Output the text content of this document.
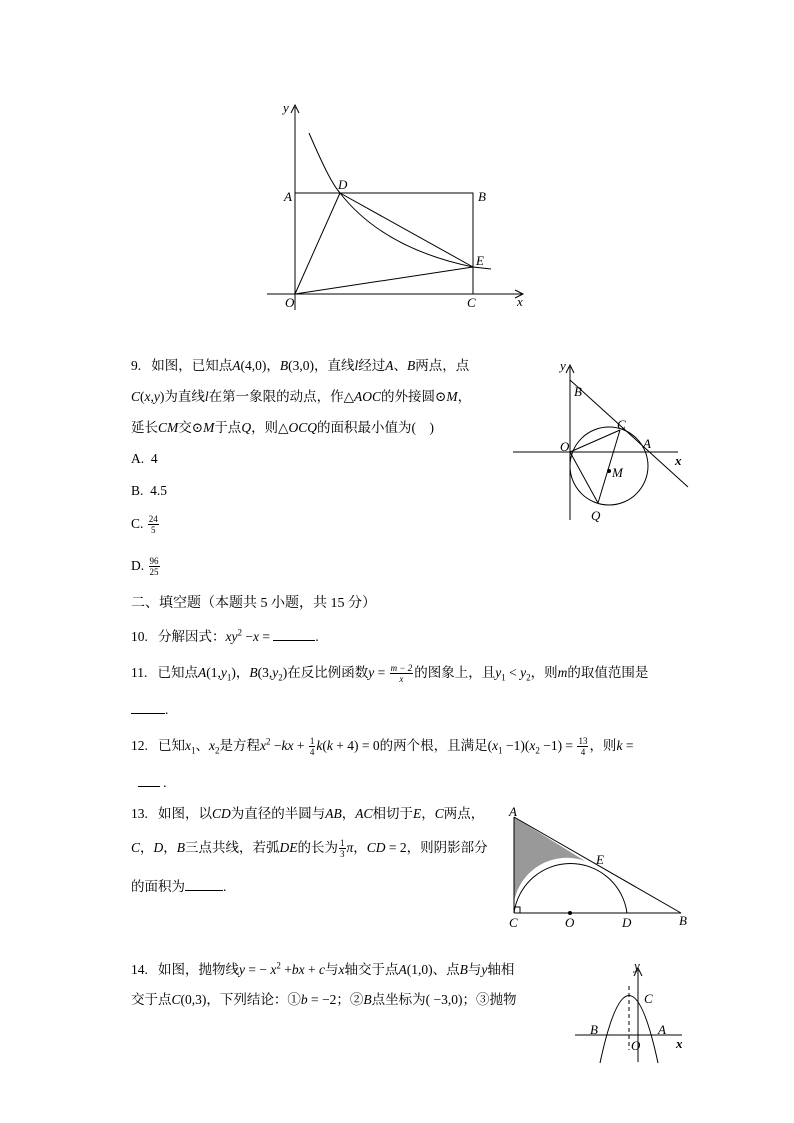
y
x
O
A	B
C
D
E
9. 如图，已知点A(4,0)，B(3,0)，直线l经过A、B两点，点
C(x,y)为直线l在第一象限的动点，作△AOC的外接圆⊙M，
延长CM交⊙M于点Q，则△OCQ的面积最小值为(　)
A. 4
B. 4.5
C. $\frac{24}{5}$
D. $\frac{96}{25}$
y
x
B
O
C
A
M
Q
二、填空题（本题共 5 小题，共 15 分）
10. 分解因式：$xy^2 -x$ =	.
11. 已知点$A(1,y_1)$，$B(3,y_2)$在反比例函数$y = \frac{m - 2}{x}$ 的图象上，且$y_1 < y_2$，则m的取值范围是
.
12. 已知$x_1$、$x_2$是方程$x^2 -kx + \frac{1}{4} k(k + 4) = 0$的两个根，且满足$(x_1 -1)(x_2 -1) = \frac{13}{4}$ ，则k =
.
13. 如图，以CD为直径的半圆与AB，AC相切于E，C两点，
C，D，B三点共线，若弧DE的长为 $\frac{1}{3}$ π，CD = 2，则阴影部分
的面积为	.
A
E
C	O	D	B
14. 如图，抛物线y = − $x^2 +bx + c$与x轴交于点A(1,0)、点B与y轴相
交于点C(0,3)，下列结论：①b = −2；②B点坐标为( −3,0)；③抛物
y
x
B
C
A
O
